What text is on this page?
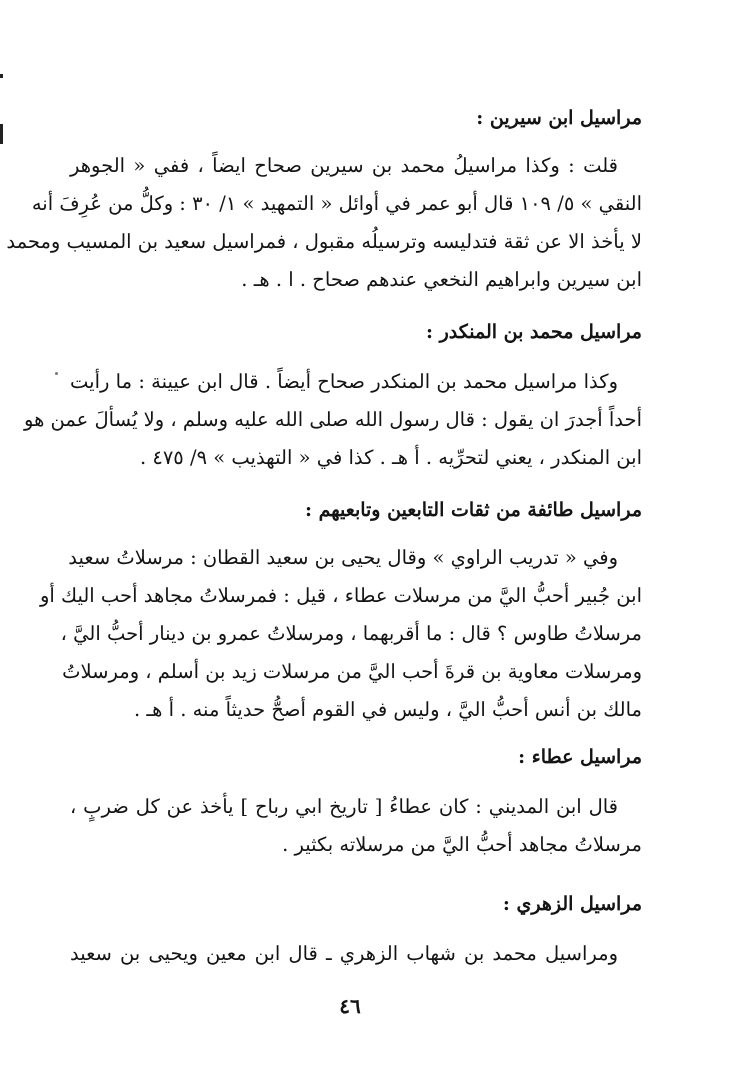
مراسيل ابن سيرين :
قلت : وكذا مراسيلُ محمد بن سيرين صحاح ايضاً ، ففي « الجوهر
النقي » ٥/ ١٠٩ قال أبو عمر في أوائل « التمهيد » ١/ ٣٠ : وكلُّ من عُرِفَ أنه
لا يأخذ الا عن ثقة فتدليسه وترسيلُه مقبول ، فمراسيل سعيد بن المسيب ومحمد
ابن سيرين وابراهيم النخعي عندهم صحاح . ا . هـ .
مراسيل محمد بن المنكدر :
وكذا مراسيل محمد بن المنكدر صحاح أيضاً . قال ابن عيينة : ما رأيت
أحداً أجدرَ ان يقول : قال رسول الله صلى الله عليه وسلم ، ولا يُسألَ عمن هو
ابن المنكدر ، يعني لتحرِّيه . أ هـ . كذا في « التهذيب » ٩/ ٤٧٥ .
مراسيل طائفة من ثقات التابعين وتابعيهم :
وفي « تدريب الراوي » وقال يحيى بن سعيد القطان : مرسلاتُ سعيد
ابن جُبير أحبُّ اليَّ من مرسلات عطاء ، قيل : فمرسلاتُ مجاهد أحب اليك أو
مرسلاتُ طاوس ؟ قال : ما أقربهما ، ومرسلاتُ عمرو بن دينار أحبُّ اليَّ ،
ومرسلات معاوية بن قرةَ أحب اليَّ من مرسلات زيد بن أسلم ، ومرسلاتُ
مالك بن أنس أحبُّ اليَّ ، وليس في القوم أصحُّ حديثاً منه . أ هـ .
مراسيل عطاء :
قال ابن المديني : كان عطاءُ [ تاريخ ابي رباح ] يأخذ عن كل ضربٍ ،
مرسلاتُ مجاهد أحبُّ اليَّ من مرسلاته بكثير .
مراسيل الزهري :
ومراسيل محمد بن شهاب الزهري ـ قال ابن معين ويحيى بن سعيد
٤٦
